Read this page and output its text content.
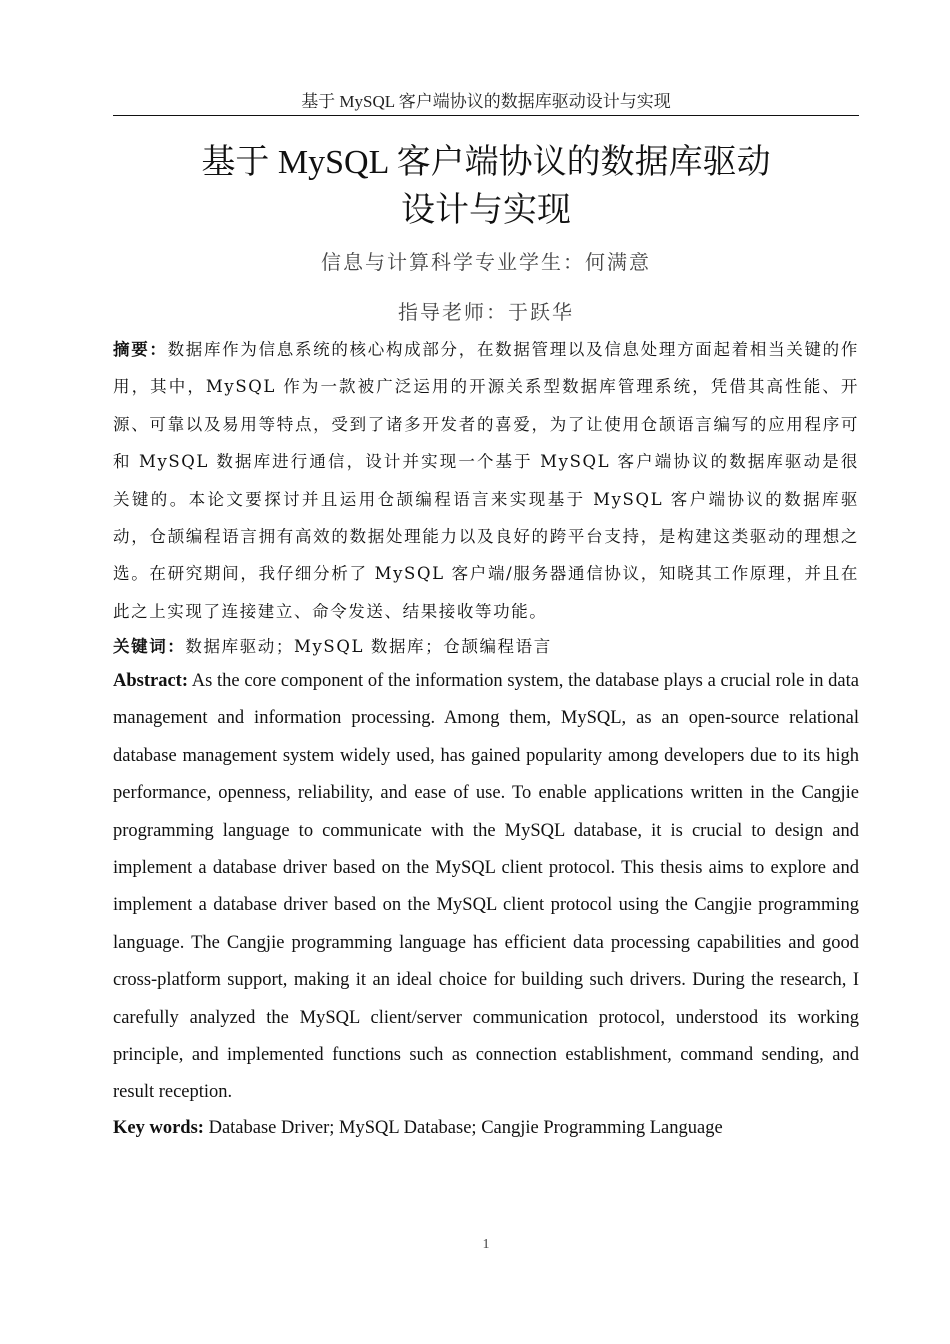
基于 MySQL 客户端协议的数据库驱动设计与实现
基于 MySQL 客户端协议的数据库驱动
设计与实现
信息与计算科学专业学生：何满意
指导老师：于跃华
摘要：数据库作为信息系统的核心构成部分，在数据管理以及信息处理方面起着相当关键的作用，其中，MySQL 作为一款被广泛运用的开源关系型数据库管理系统，凭借其高性能、开源、可靠以及易用等特点，受到了诸多开发者的喜爱，为了让使用仓颉语言编写的应用程序可和 MySQL 数据库进行通信，设计并实现一个基于 MySQL 客户端协议的数据库驱动是很关键的。本论文要探讨并且运用仓颉编程语言来实现基于 MySQL 客户端协议的数据库驱动，仓颉编程语言拥有高效的数据处理能力以及良好的跨平台支持，是构建这类驱动的理想之选。在研究期间，我仔细分析了 MySQL 客户端/服务器通信协议，知晓其工作原理，并且在此之上实现了连接建立、命令发送、结果接收等功能。
关键词：数据库驱动；MySQL 数据库；仓颉编程语言
Abstract: As the core component of the information system, the database plays a crucial role in data management and information processing. Among them, MySQL, as an open-source relational database management system widely used, has gained popularity among developers due to its high performance, openness, reliability, and ease of use. To enable applications written in the Cangjie programming language to communicate with the MySQL database, it is crucial to design and implement a database driver based on the MySQL client protocol. This thesis aims to explore and implement a database driver based on the MySQL client protocol using the Cangjie programming language. The Cangjie programming language has efficient data processing capabilities and good cross-platform support, making it an ideal choice for building such drivers. During the research, I carefully analyzed the MySQL client/server communication protocol, understood its working principle, and implemented functions such as connection establishment, command sending, and result reception.
Key words: Database Driver; MySQL Database; Cangjie Programming Language
1
